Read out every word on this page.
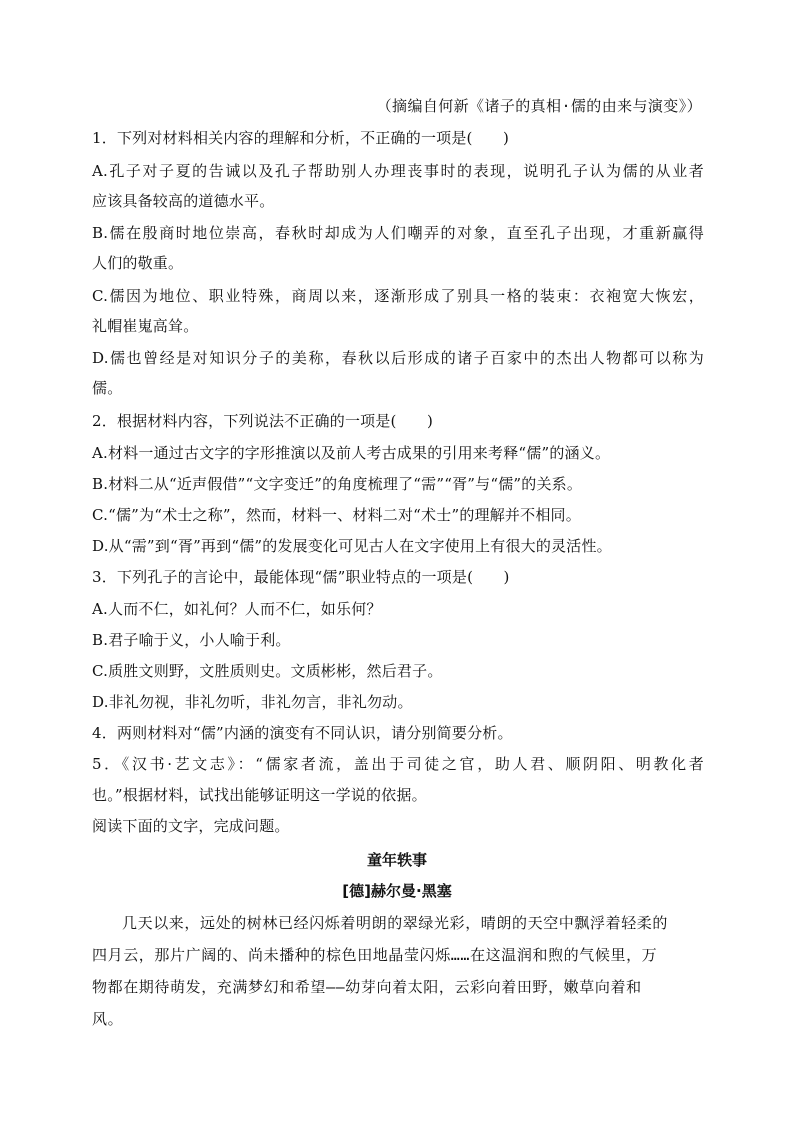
（摘编自何新《诸子的真相·儒的由来与演变》）
1．下列对材料相关内容的理解和分析，不正确的一项是(　　)
A.孔子对子夏的告诫以及孔子帮助别人办理丧事时的表现，说明孔子认为儒的从业者
应该具备较高的道德水平。
B.儒在殷商时地位崇高，春秋时却成为人们嘲弄的对象，直至孔子出现，才重新赢得
人们的敬重。
C.儒因为地位、职业特殊，商周以来，逐渐形成了别具一格的装束：衣袍宽大恢宏，
礼帽崔嵬高耸。
D.儒也曾经是对知识分子的美称，春秋以后形成的诸子百家中的杰出人物都可以称为
儒。
2．根据材料内容，下列说法不正确的一项是(　　)
A.材料一通过古文字的字形推演以及前人考古成果的引用来考释“儒”的涵义。
B.材料二从“近声假借”“文字变迁”的角度梳理了“需”“胥”与“儒”的关系。
C.“儒”为“术士之称”，然而，材料一、材料二对“术士”的理解并不相同。
D.从“需”到“胥”再到“儒”的发展变化可见古人在文字使用上有很大的灵活性。
3．下列孔子的言论中，最能体现“儒”职业特点的一项是(　　)
A.人而不仁，如礼何？人而不仁，如乐何？
B.君子喻于义，小人喻于利。
C.质胜文则野，文胜质则史。文质彬彬，然后君子。
D.非礼勿视，非礼勿听，非礼勿言，非礼勿动。
4．两则材料对“儒”内涵的演变有不同认识，请分别简要分析。
5．《汉书·艺文志》：“儒家者流，盖出于司徒之官，助人君、顺阴阳、明教化者
也。”根据材料，试找出能够证明这一学说的依据。
阅读下面的文字，完成问题。
童年轶事
[德]赫尔曼·黑塞
几天以来，远处的树林已经闪烁着明朗的翠绿光彩，晴朗的天空中飘浮着轻柔的
四月云，那片广阔的、尚未播种的棕色田地晶莹闪烁……在这温润和煦的气候里，万
物都在期待萌发，充满梦幻和希望——幼芽向着太阳，云彩向着田野，嫩草向着和
风。
